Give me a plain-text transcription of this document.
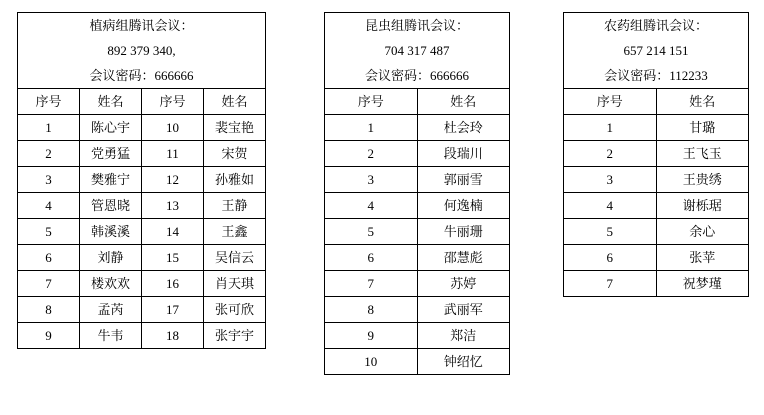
植病组腾讯会议：
892 379 340,
会议密码：666666			

序号	姓名	序号	姓名
1	陈心宇	10	裴宝艳
2	党勇猛	11	宋贺
3	樊雅宁	12	孙雅如
4	管恩晓	13	王静
5	韩溪溪	14	王鑫
6	刘静	15	吴信云
7	楼欢欢	16	肖天琪
8	孟芮	17	张可欣
9	牛韦	18	张宇宇
昆虫组腾讯会议：
704 317 487
会议密码：666666	

序号	姓名
1	杜会玲
2	段瑞川
3	郭丽雪
4	何逸楠
5	牛丽珊
6	邵慧彪
7	苏婷
8	武丽军
9	郑洁
10	钟绍忆
农药组腾讯会议：
657 214 151
会议密码：112233	

序号	姓名
1	甘璐
2	王飞玉
3	王贵绣
4	谢栎琚
5	余心
6	张苹
7	祝梦瑾
